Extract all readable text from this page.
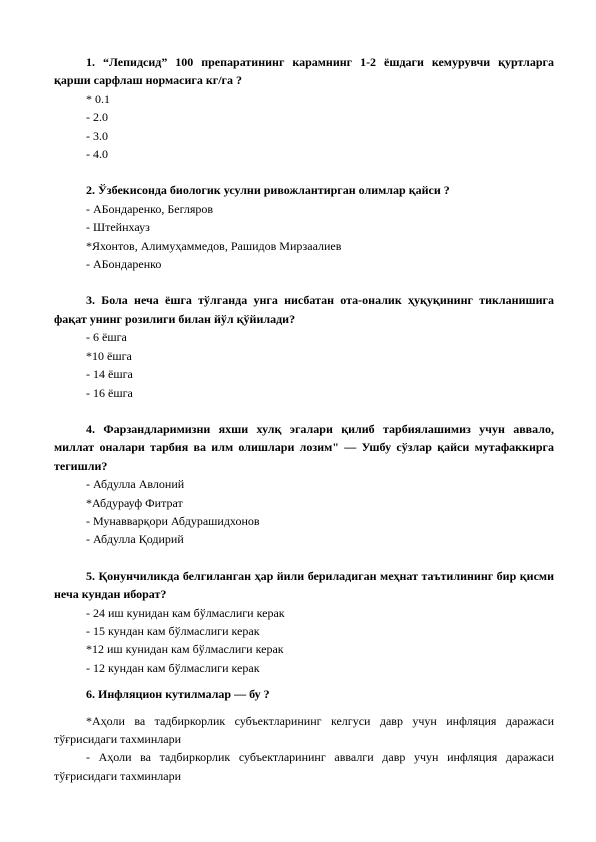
1. “Лепидсид” 100 препаратининг карамнинг 1-2 ёшдаги кемурувчи қуртларга қарши сарфлаш нормасига кг/га ?

* 0.1

- 2.0

- 3.0

- 4.0

2. Ўзбекисонда биологик усулни ривожлантирган олимлар қайси ?

- АБондаренко, Бегляров

- Штейнхауз

*Яхонтов, Алимуҳаммедов, Рашидов Мирзаалиев

- АБондаренко

3. Бола неча ёшга тўлганда унга нисбатан ота-оналик ҳуқуқининг тикланишига фақат унинг розилиги билан йўл қўйилади?

- 6 ёшга

*10 ёшга

- 14 ёшга

- 16 ёшга

4. Фарзандларимизни яхши хулқ эгалари қилиб тарбиялашимиз учун аввало, миллат оналари тарбия ва илм олишлари лозим" — Ушбу сўзлар қайси мутафаккирга тегишли?

- Абдулла Авлоний

*Абдурауф Фитрат

- Мунавварқори Абдурашидхонов

- Абдулла Қодирий

5. Қонунчиликда белгиланган ҳар йили бериладиган меҳнат таътилининг бир қисми неча кундан иборат?

- 24 иш кунидан кам бўлмаслиги керак

- 15 кундан кам бўлмаслиги керак

*12 иш кунидан кам бўлмаслиги керак

- 12 кундан кам бўлмаслиги керак

6. Инфляцион кутилмалар — бу ?

*Аҳоли ва тадбиркорлик субъектларининг келгуси давр учун инфляция даражаси тўғрисидаги тахминлари

- Аҳоли ва тадбиркорлик субъектларининг аввалги давр учун инфляция даражаси тўғрисидаги тахминлари
